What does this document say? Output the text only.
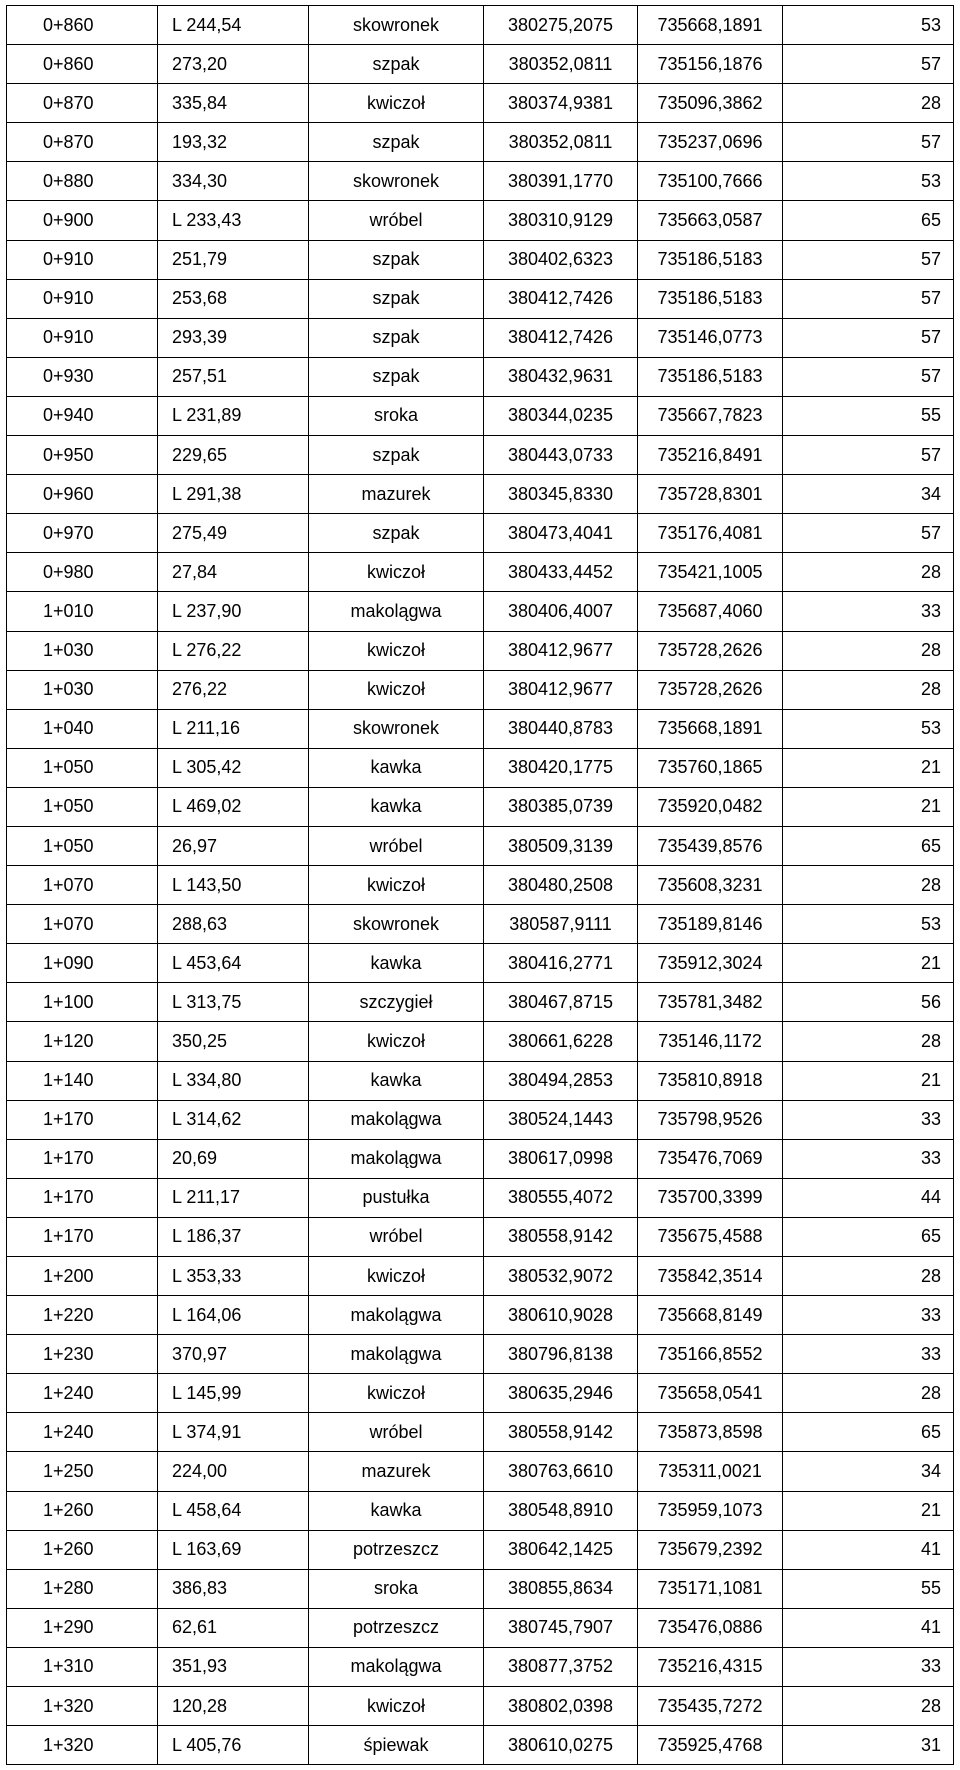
0+860	L 244,54	skowronek	380275,2075	735668,1891	53
0+860	273,20	szpak	380352,0811	735156,1876	57
0+870	335,84	kwiczoł	380374,9381	735096,3862	28
0+870	193,32	szpak	380352,0811	735237,0696	57
0+880	334,30	skowronek	380391,1770	735100,7666	53
0+900	L 233,43	wróbel	380310,9129	735663,0587	65
0+910	251,79	szpak	380402,6323	735186,5183	57
0+910	253,68	szpak	380412,7426	735186,5183	57
0+910	293,39	szpak	380412,7426	735146,0773	57
0+930	257,51	szpak	380432,9631	735186,5183	57
0+940	L 231,89	sroka	380344,0235	735667,7823	55
0+950	229,65	szpak	380443,0733	735216,8491	57
0+960	L 291,38	mazurek	380345,8330	735728,8301	34
0+970	275,49	szpak	380473,4041	735176,4081	57
0+980	27,84	kwiczoł	380433,4452	735421,1005	28
1+010	L 237,90	makolągwa	380406,4007	735687,4060	33
1+030	L 276,22	kwiczoł	380412,9677	735728,2626	28
1+030	276,22	kwiczoł	380412,9677	735728,2626	28
1+040	L 211,16	skowronek	380440,8783	735668,1891	53
1+050	L 305,42	kawka	380420,1775	735760,1865	21
1+050	L 469,02	kawka	380385,0739	735920,0482	21
1+050	26,97	wróbel	380509,3139	735439,8576	65
1+070	L 143,50	kwiczoł	380480,2508	735608,3231	28
1+070	288,63	skowronek	380587,9111	735189,8146	53
1+090	L 453,64	kawka	380416,2771	735912,3024	21
1+100	L 313,75	szczygieł	380467,8715	735781,3482	56
1+120	350,25	kwiczoł	380661,6228	735146,1172	28
1+140	L 334,80	kawka	380494,2853	735810,8918	21
1+170	L 314,62	makolągwa	380524,1443	735798,9526	33
1+170	20,69	makolągwa	380617,0998	735476,7069	33
1+170	L 211,17	pustułka	380555,4072	735700,3399	44
1+170	L 186,37	wróbel	380558,9142	735675,4588	65
1+200	L 353,33	kwiczoł	380532,9072	735842,3514	28
1+220	L 164,06	makolągwa	380610,9028	735668,8149	33
1+230	370,97	makolągwa	380796,8138	735166,8552	33
1+240	L 145,99	kwiczoł	380635,2946	735658,0541	28
1+240	L 374,91	wróbel	380558,9142	735873,8598	65
1+250	224,00	mazurek	380763,6610	735311,0021	34
1+260	L 458,64	kawka	380548,8910	735959,1073	21
1+260	L 163,69	potrzeszcz	380642,1425	735679,2392	41
1+280	386,83	sroka	380855,8634	735171,1081	55
1+290	62,61	potrzeszcz	380745,7907	735476,0886	41
1+310	351,93	makolągwa	380877,3752	735216,4315	33
1+320	120,28	kwiczoł	380802,0398	735435,7272	28
1+320	L 405,76	śpiewak	380610,0275	735925,4768	31
